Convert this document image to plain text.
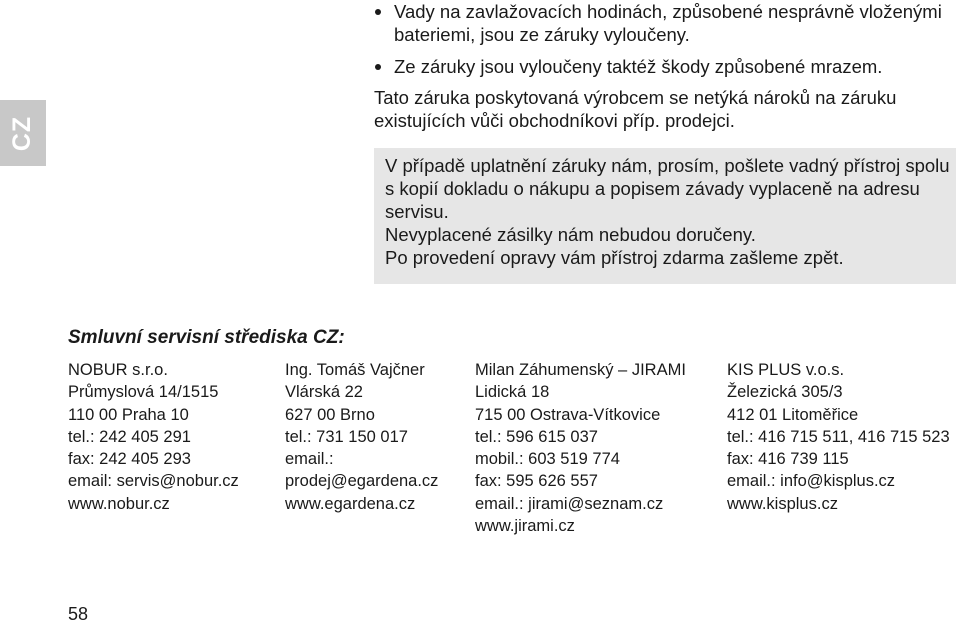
CZ
Vady na zavlažovacích hodinách, způsobené nesprávně vloženými bateriemi, jsou ze záruky vyloučeny.
Ze záruky jsou vyloučeny taktéž škody způsobené mrazem.

Tato záruka poskytovaná výrobcem se netýká nároků na záruku existujících vůči obchodníkovi příp. prodejci.

V případě uplatnění záruky nám, prosím, pošlete vadný přístroj spolu s kopií dokladu o nákupu a popisem závady vyplaceně na adresu servisu.

Nevyplacené zásilky nám nebudou doručeny.

Po provedení opravy vám přístroj zdarma zašleme zpět.

Smluvní servisní střediska CZ:
NOBUR s.r.o.
Průmyslová 14/1515
110 00 Praha 10
tel.: 242 405 291
fax: 242 405 293
email: servis@nobur.cz
www.nobur.cz
Ing. Tomáš Vajčner
Vlárská 22
627 00 Brno
tel.: 731 150 017
email.:
prodej@egardena.cz
www.egardena.cz
Milan Záhumenský – JIRAMI
Lidická 18
715 00 Ostrava-Vítkovice
tel.: 596 615 037
mobil.: 603 519 774
fax: 595 626 557
email.: jirami@seznam.cz
www.jirami.cz
KIS PLUS v.o.s.
Železická 305/3
412 01 Litoměřice
tel.: 416 715 511, 416 715 523
fax: 416 739 115
email.: info@kisplus.cz
www.kisplus.cz
58
